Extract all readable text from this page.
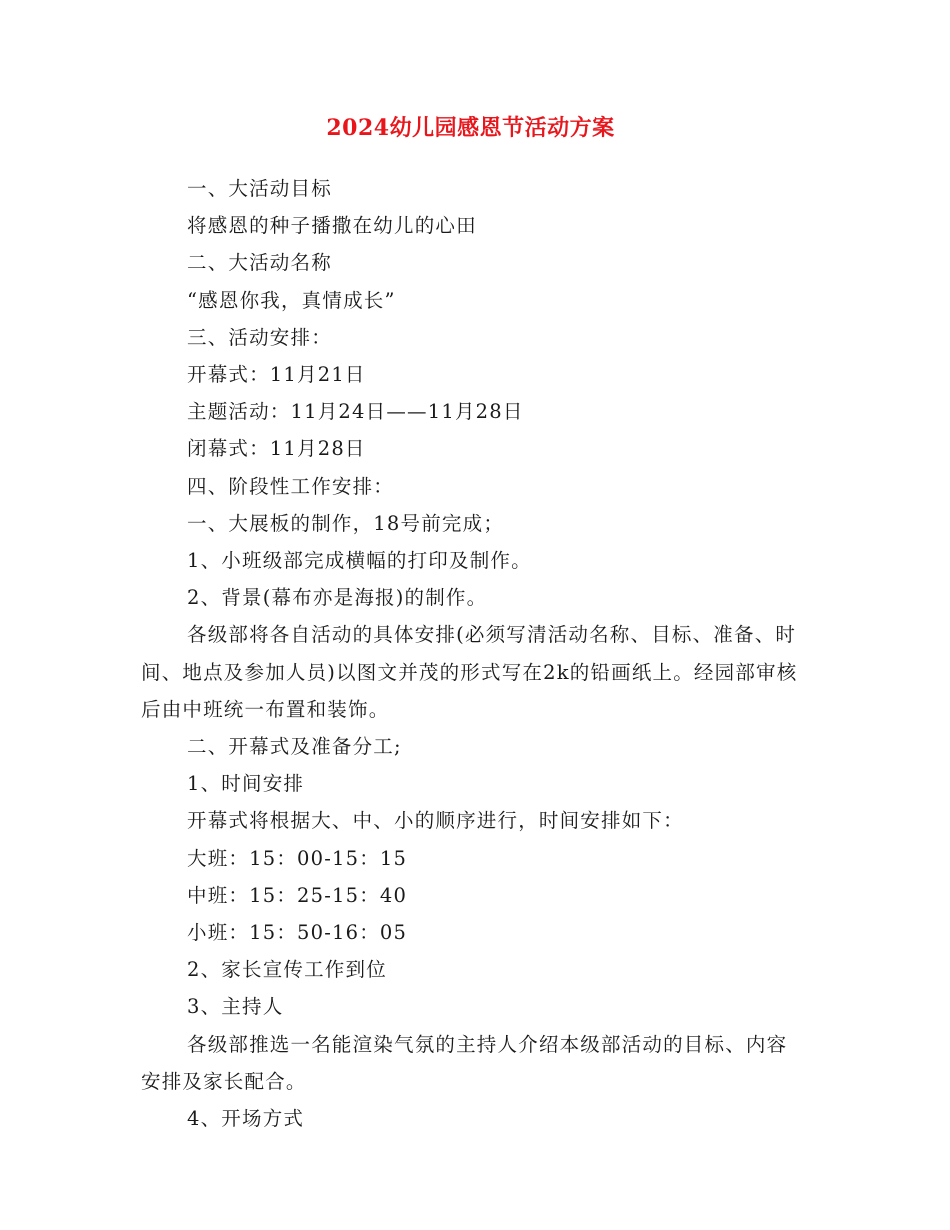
2024幼儿园感恩节活动方案

一、大活动目标

将感恩的种子播撒在幼儿的心田

二、大活动名称

“感恩你我，真情成长”

三、活动安排：

开幕式：11月21日

主题活动：11月24日——11月28日

闭幕式：11月28日

四、阶段性工作安排：

一、大展板的制作，18号前完成；

1、小班级部完成横幅的打印及制作。

2、背景(幕布亦是海报)的制作。

各级部将各自活动的具体安排(必须写清活动名称、目标、准备、时间、地点及参加人员)以图文并茂的形式写在2k的铅画纸上。经园部审核后由中班统一布置和装饰。

二、开幕式及准备分工;

1、时间安排

开幕式将根据大、中、小的顺序进行，时间安排如下：

大班：15：00-15：15

中班：15：25-15：40

小班：15：50-16：05

2、家长宣传工作到位

3、主持人

各级部推选一名能渲染气氛的主持人介绍本级部活动的目标、内容安排及家长配合。

4、开场方式
